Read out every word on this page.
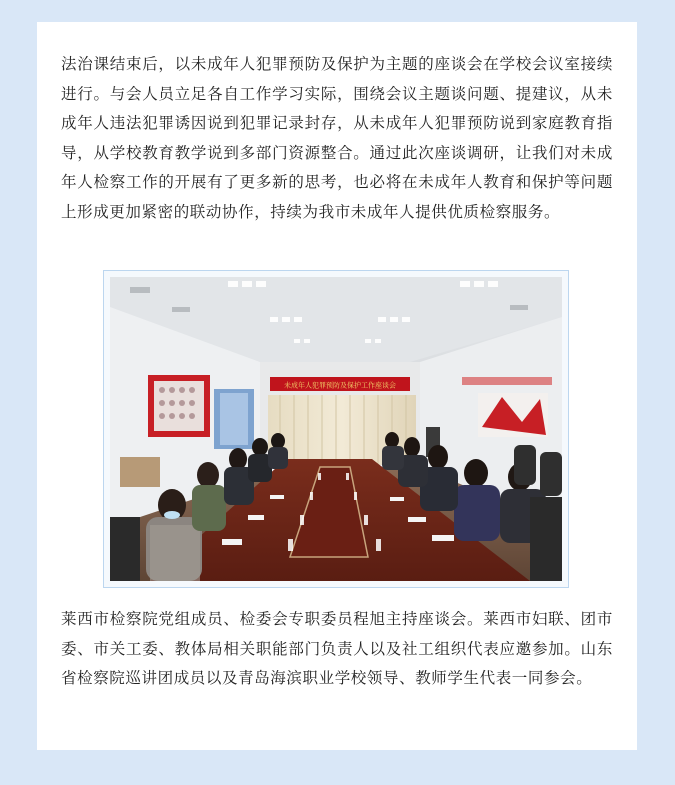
法治课结束后，以未成年人犯罪预防及保护为主题的座谈会在学校会议室接续进行。与会人员立足各自工作学习实际，围绕会议主题谈问题、提建议，从未成年人违法犯罪诱因说到犯罪记录封存，从未成年人犯罪预防说到家庭教育指导，从学校教育教学说到多部门资源整合。通过此次座谈调研，让我们对未成年人检察工作的开展有了更多新的思考，也必将在未成年人教育和保护等问题上形成更加紧密的联动协作，持续为我市未成年人提供优质检察服务。

未成年人犯罪预防及保护工作座谈会

莱西市检察院党组成员、检委会专职委员程旭主持座谈会。莱西市妇联、团市委、市关工委、教体局相关职能部门负责人以及社工组织代表应邀参加。山东省检察院巡讲团成员以及青岛海滨职业学校领导、教师学生代表一同参会。
